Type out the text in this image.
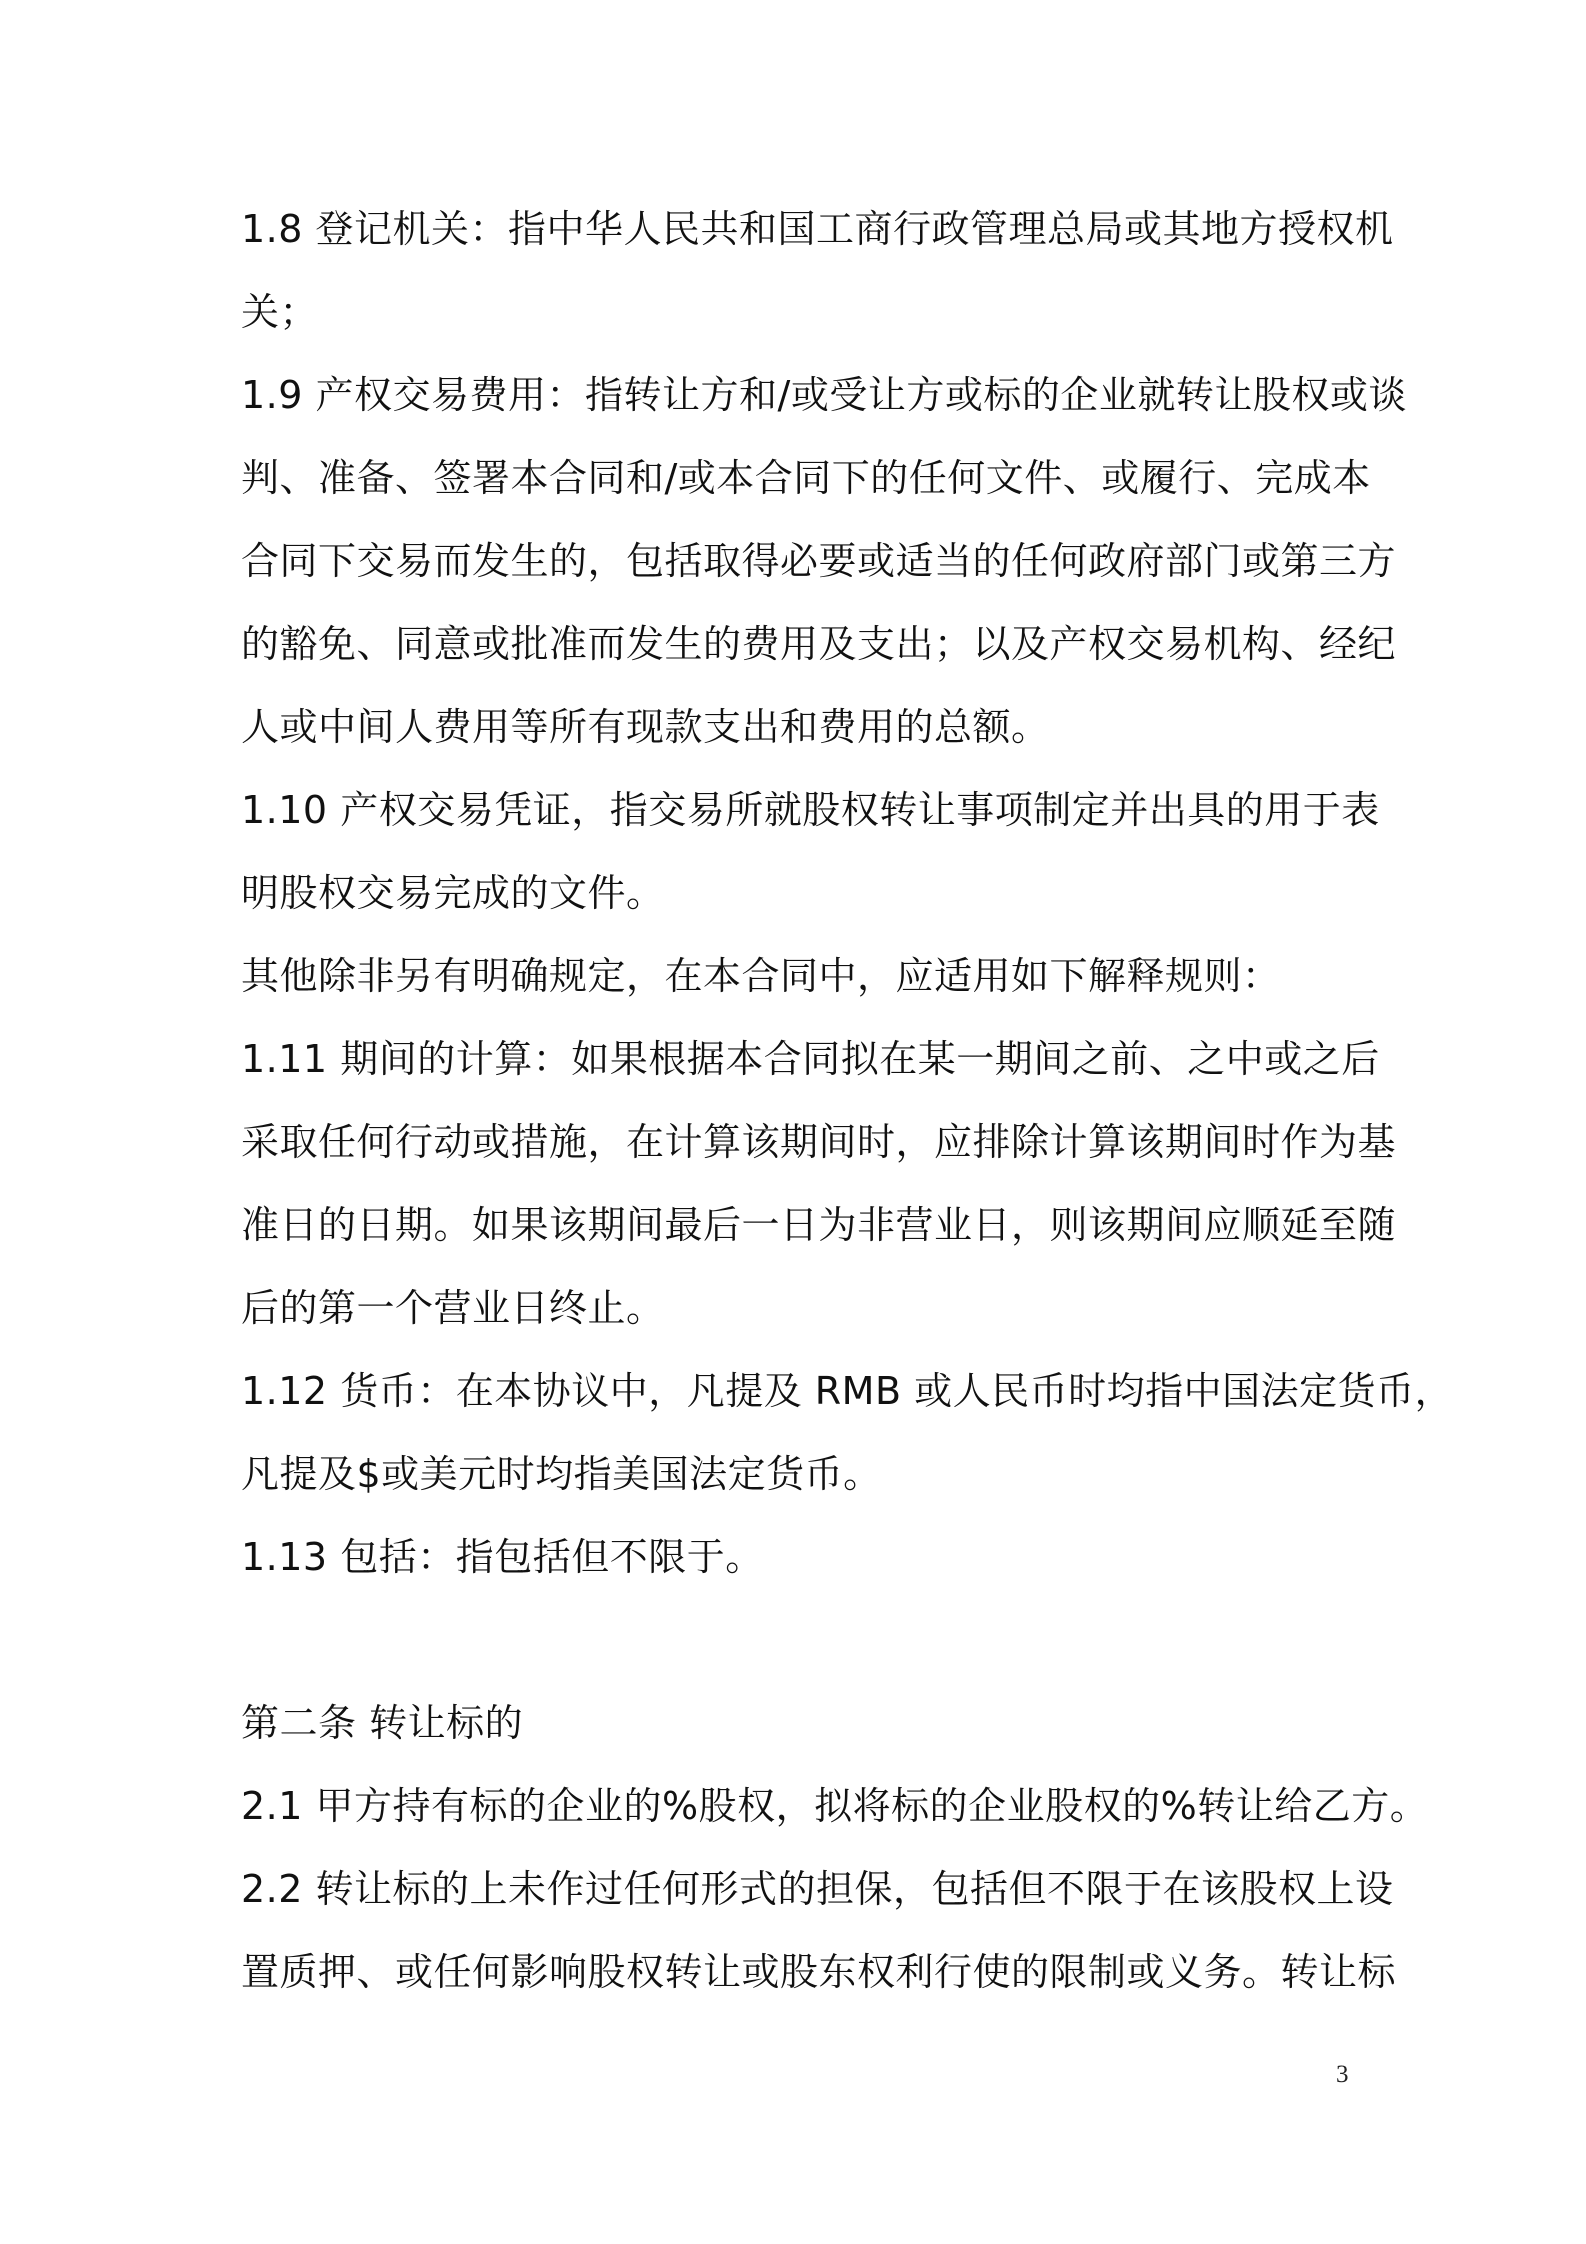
1.8 登记机关：指中华人民共和国工商行政管理总局或其地方授权机
关；
1.9 产权交易费用：指转让方和/或受让方或标的企业就转让股权或谈
判、准备、签署本合同和/或本合同下的任何文件、或履行、完成本
合同下交易而发生的，包括取得必要或适当的任何政府部门或第三方
的豁免、同意或批准而发生的费用及支出；以及产权交易机构、经纪
人或中间人费用等所有现款支出和费用的总额。
1.10 产权交易凭证，指交易所就股权转让事项制定并出具的用于表
明股权交易完成的文件。
其他除非另有明确规定，在本合同中，应适用如下解释规则：
1.11 期间的计算：如果根据本合同拟在某一期间之前、之中或之后
采取任何行动或措施，在计算该期间时，应排除计算该期间时作为基
准日的日期。如果该期间最后一日为非营业日，则该期间应顺延至随
后的第一个营业日终止。
1.12 货币：在本协议中，凡提及 RMB 或人民币时均指中国法定货币，
凡提及$或美元时均指美国法定货币。
1.13 包括：指包括但不限于。
第二条 转让标的
2.1 甲方持有标的企业的%股权，拟将标的企业股权的%转让给乙方。
2.2 转让标的上未作过任何形式的担保，包括但不限于在该股权上设
置质押、或任何影响股权转让或股东权利行使的限制或义务。转让标
3
